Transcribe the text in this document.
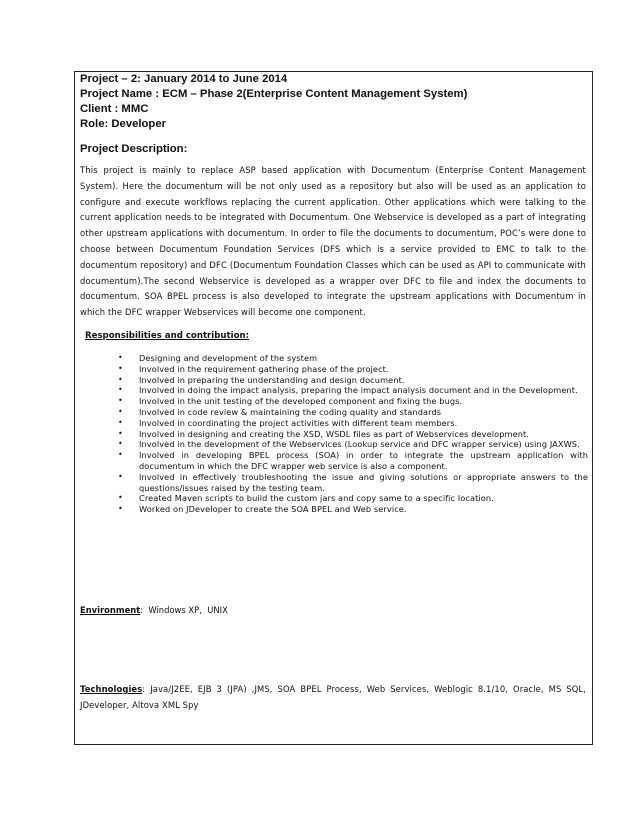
Project – 2: January 2014 to June 2014
Project Name : ECM – Phase 2(Enterprise Content Management System)
Client : MMC
Role: Developer
Project Description:

This project is mainly to replace ASP based application with Documentum (Enterprise Content Management System). Here the documentum will be not only used as a repository but also will be used as an application to configure and execute workflows replacing the current application. Other applications which were talking to the current application needs to be integrated with Documentum. One Webservice is developed as a part of integrating other upstream applications with documentum. In order to file the documents to documentum, POC’s were done to choose between Documentum Foundation Services (DFS which is a service provided to EMC to talk to the documentum repository) and DFC (Documentum Foundation Classes which can be used as API to communicate with documentum).The second Webservice is developed as a wrapper over DFC to file and index the documents to documentum. SOA BPEL process is also developed to integrate the upstream applications with Documentum in which the DFC wrapper Webservices will become one component.

Responsibilities and contribution:
• Designing and development of the system
• Involved in the requirement gathering phase of the project.
• Involved in preparing the understanding and design document.
• Involved in doing the impact analysis, preparing the impact analysis document and in the Development.
• Involved in the unit testing of the developed component and fixing the bugs.
• Involved in code review & maintaining the coding quality and standards
• Involved in coordinating the project activities with different team members.
• Involved in designing and creating the XSD, WSDL files as part of Webservices development.
• Involved in the development of the Webservices (Lookup service and DFC wrapper service) using JAXWS.
• Involved in developing BPEL process (SOA) in order to integrate the upstream application with documentum in which the DFC wrapper web service is also a component.
• Involved in effectively troubleshooting the issue and giving solutions or appropriate answers to the questions/issues raised by the testing team.
• Created Maven scripts to build the custom jars and copy same to a specific location.
• Worked on JDeveloper to create the SOA BPEL and Web service.
Environment:  Windows XP,  UNIX

Technologies: Java/J2EE, EJB 3 (JPA) ,JMS, SOA BPEL Process, Web Services, Weblogic 8.1/10, Oracle, MS SQL, JDeveloper, Altova XML Spy
